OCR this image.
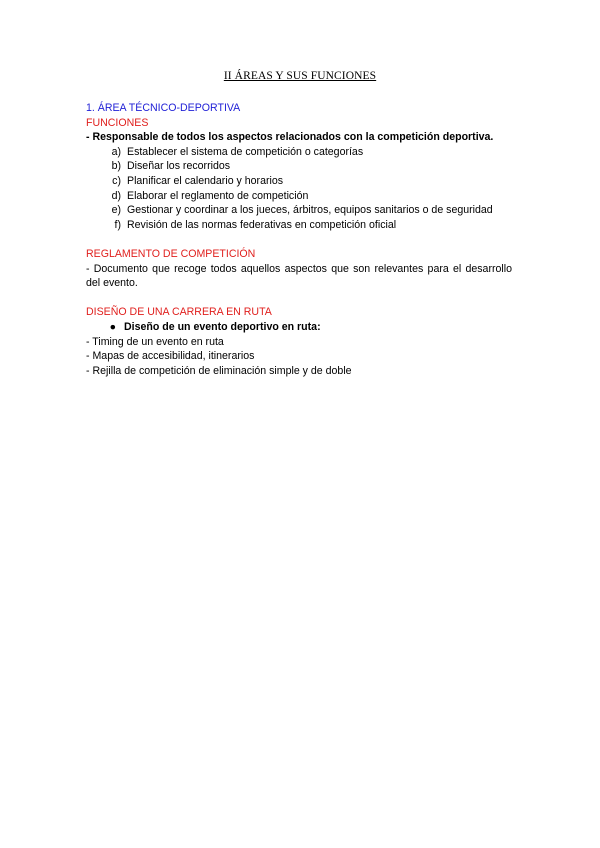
II ÁREAS Y SUS FUNCIONES
1. ÁREA TÉCNICO-DEPORTIVA
FUNCIONES
- Responsable de todos los aspectos relacionados con la competición deportiva.
a) Establecer el sistema de competición o categorías
b) Diseñar los recorridos
c) Planificar el calendario y horarios
d) Elaborar el reglamento de competición
e) Gestionar y coordinar a los jueces, árbitros, equipos sanitarios o de seguridad
f) Revisión de las normas federativas en competición oficial
REGLAMENTO DE COMPETICIÓN
- Documento que recoge todos aquellos aspectos que son relevantes para el desarrollo del evento.
DISEÑO DE UNA CARRERA EN RUTA
● Diseño de un evento deportivo en ruta:
- Timing de un evento en ruta
- Mapas de accesibilidad, itinerarios
- Rejilla de competición de eliminación simple y de doble
